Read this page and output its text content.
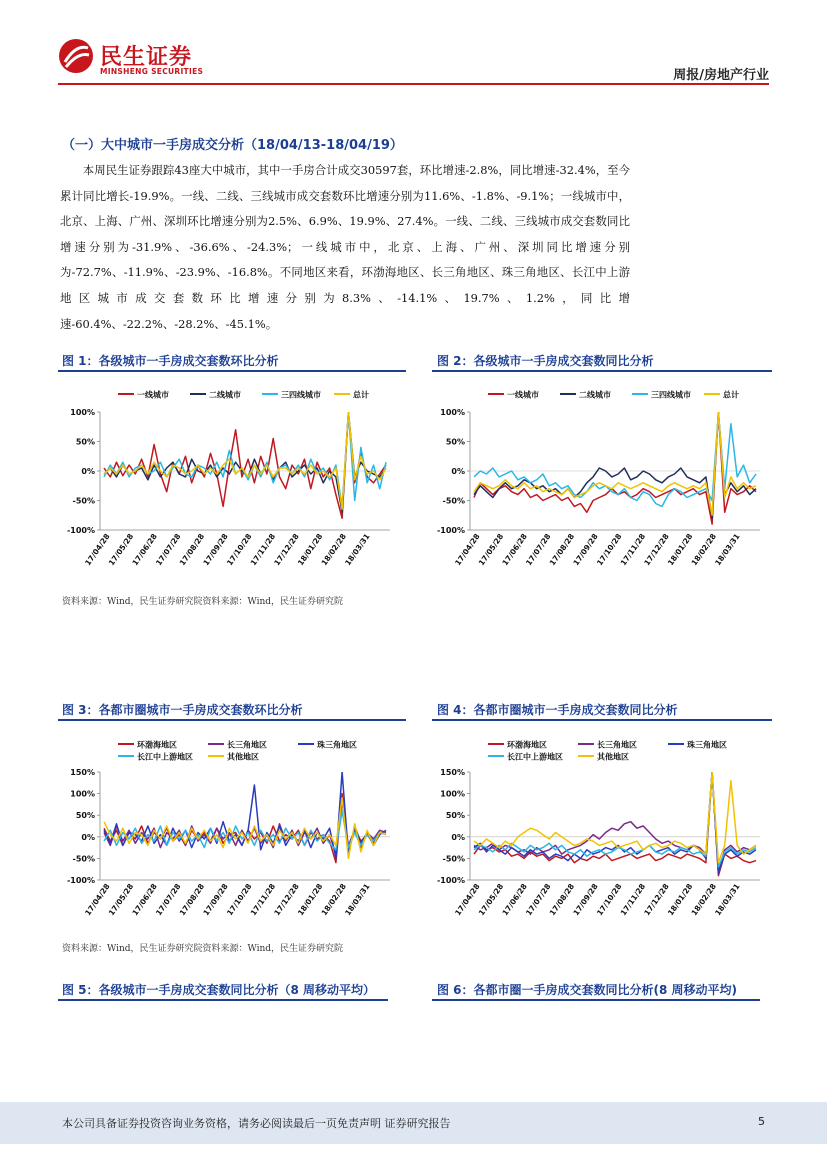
民生证券
MINSHENG SECURITIES	周报/房地产行业
（一）大中城市一手房成交分析（18/04/13-18/04/19）
本周民生证券跟踪43座大中城市，其中一手房合计成交30597套，环比增速-2.8%，同比增速-32.4%，至今累计同比增长-19.9%。一线、二线、三线城市成交套数环比增速分别为11.6%、-1.8%、-9.1%；一线城市中，北京、上海、广州、深圳环比增速分别为2.5%、6.9%、19.9%、27.4%。一线、二线、三线城市成交套数同比增速分别为-31.9%、-36.6%、-24.3%；一线城市中，北京、上海、广州、深圳同比增速分别为-72.7%、-11.9%、-23.9%、-16.8%。不同地区来看，环渤海地区、长三角地区、珠三角地区、长江中上游地区城市成交套数环比增速分别为8.3%、-14.1%、19.7%、1.2%，同比增速-60.4%、-22.2%、-28.2%、-45.1%。
图 1：各级城市一手房成交套数环比分析	图 2：各级城市一手房成交套数同比分析
一线城市	二线城市	三四线城市	总计
100%
50%
0%
-50%
-100%
17/04/28
17/05/28
17/06/28
17/07/28
17/08/28
17/09/28
17/10/28
17/11/28
17/12/28
18/01/28
18/02/28
18/03/31
一线城市	二线城市	三四线城市	总计
100%
50%
0%
-50%
-100%
17/04/28
17/05/28
17/06/28
17/07/28
17/08/28
17/09/28
17/10/28
17/11/28
17/12/28
18/01/28
18/02/28
18/03/31
资料来源：Wind，民生证券研究院资料来源：Wind，民生证券研究院
图 3：各都市圈城市一手房成交套数环比分析	图 4：各都市圈城市一手房成交套数同比分析
环渤海地区	长三角地区	珠三角地区
长江中上游地区	其他地区
150%
100%
50%
0%
-50%
-100%
17/04/28
17/05/28
17/06/28
17/07/28
17/08/28
17/09/28
17/10/28
17/11/28
17/12/28
18/01/28
18/02/28
18/03/31
环渤海地区	长三角地区	珠三角地区
长江中上游地区	其他地区
150%
100%
50%
0%
-50%
-100%
17/04/28
17/05/28
17/06/28
17/07/28
17/08/28
17/09/28
17/10/28
17/11/28
17/12/28
18/01/28
18/02/28
18/03/31
资料来源：Wind，民生证券研究院资料来源：Wind，民生证券研究院
图 5：各级城市一手房成交套数同比分析（8 周移动平均）	图 6：各都市圈一手房成交套数同比分析(8 周移动平均)
本公司具备证券投资咨询业务资格，请务必阅读最后一页免责声明 证券研究报告	5
